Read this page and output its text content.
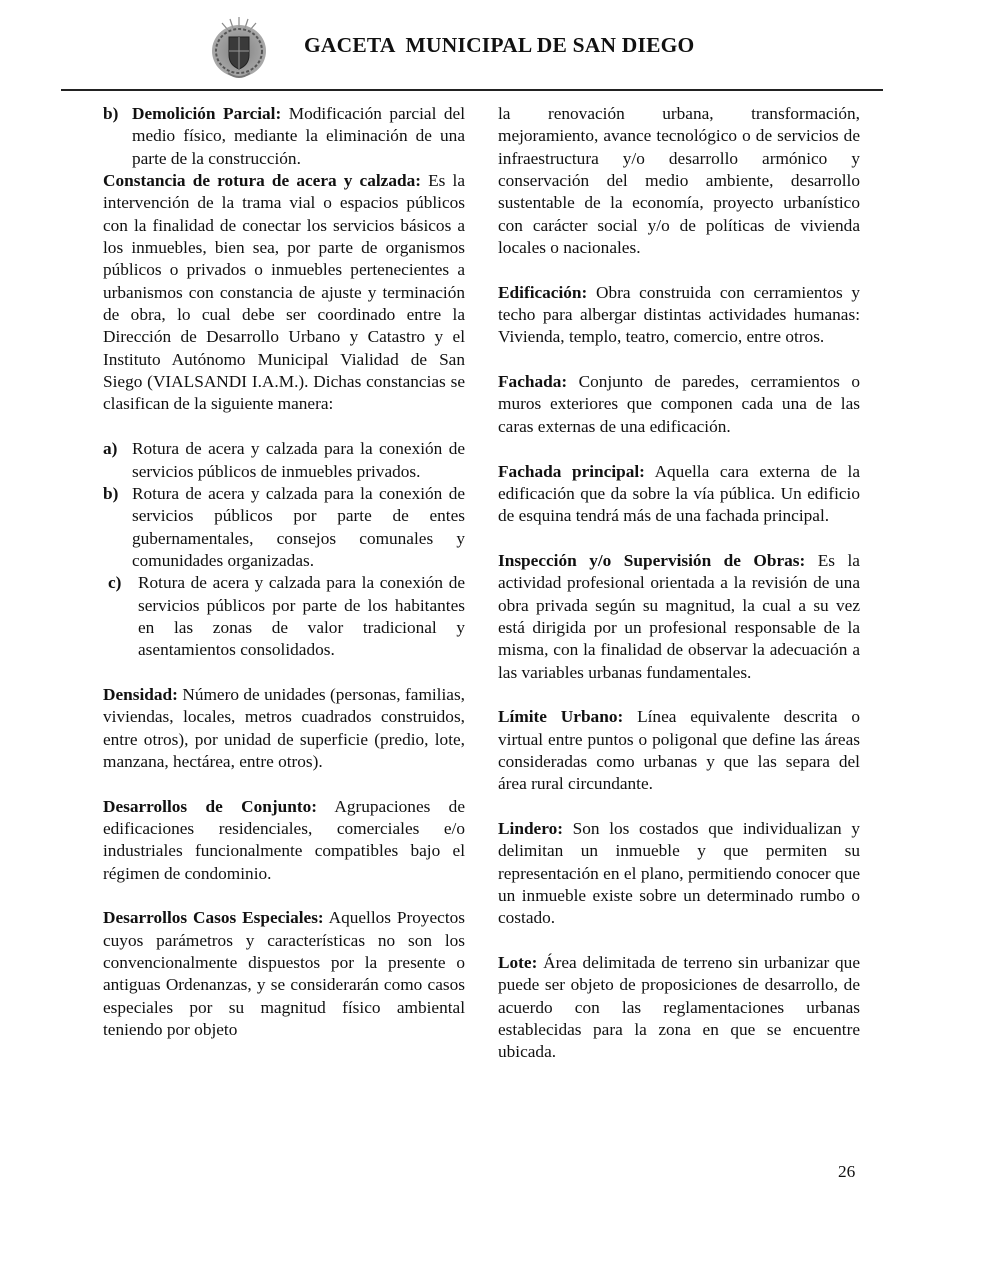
GACETA  MUNICIPAL DE SAN DIEGO
b) Demolición Parcial: Modificación parcial del medio físico, mediante la eliminación de una parte de la construcción.

Constancia de rotura de acera y calzada: Es la intervención de la trama vial o espacios públicos con la finalidad de conectar los servicios básicos a los inmuebles, bien sea, por parte de organismos públicos o privados o inmuebles pertenecientes a urbanismos con constancia de ajuste y terminación de obra, lo cual debe ser coordinado entre la Dirección de Desarrollo Urbano y Catastro y el Instituto Autónomo Municipal Vialidad de San Siego (VIALSANDI I.A.M.). Dichas constancias se clasifican de la siguiente manera:

a) Rotura de acera y calzada para la conexión de servicios públicos de inmuebles privados.
b) Rotura de acera y calzada para la conexión de servicios públicos por parte de entes gubernamentales, consejos comunales y comunidades organizadas.
c) Rotura de acera y calzada para la conexión de servicios públicos por parte de los habitantes en las zonas de valor tradicional y asentamientos consolidados.

Densidad: Número de unidades (personas, familias, viviendas, locales, metros cuadrados construidos, entre otros), por unidad de superficie (predio, lote, manzana, hectárea, entre otros).

Desarrollos de Conjunto: Agrupaciones de edificaciones residenciales, comerciales e/o industriales funcionalmente compatibles bajo el régimen de condominio.

Desarrollos Casos Especiales: Aquellos Proyectos cuyos parámetros y características no son los convencionalmente dispuestos por la presente o antiguas Ordenanzas, y se considerarán como casos especiales por su magnitud físico ambiental teniendo por objeto

la renovación urbana, transformación, mejoramiento, avance tecnológico o de servicios de infraestructura y/o desarrollo armónico y conservación del medio ambiente, desarrollo sustentable de la economía, proyecto urbanístico con carácter social y/o de políticas de vivienda locales o nacionales.

Edificación: Obra construida con cerramientos y techo para albergar distintas actividades humanas: Vivienda, templo, teatro, comercio, entre otros.

Fachada: Conjunto de paredes, cerramientos o muros exteriores que componen cada una de las caras externas de una edificación.

Fachada principal: Aquella cara externa de la edificación que da sobre la vía pública. Un edificio de esquina tendrá más de una fachada principal.

Inspección y/o Supervisión de Obras: Es la actividad profesional orientada a la revisión de una obra privada según su magnitud, la cual a su vez está dirigida por un profesional responsable de la misma, con la finalidad de observar la adecuación a las variables urbanas fundamentales.

Límite Urbano: Línea equivalente descrita o virtual entre puntos o poligonal que define las áreas consideradas como urbanas y que las separa del área rural circundante.

Lindero: Son los costados que individualizan y delimitan un inmueble y que permiten su representación en el plano, permitiendo conocer que un inmueble existe sobre un determinado rumbo o costado.

Lote: Área delimitada de terreno sin urbanizar que puede ser objeto de proposiciones de desarrollo, de acuerdo con las reglamentaciones urbanas establecidas para la zona en que se encuentre ubicada.

26
